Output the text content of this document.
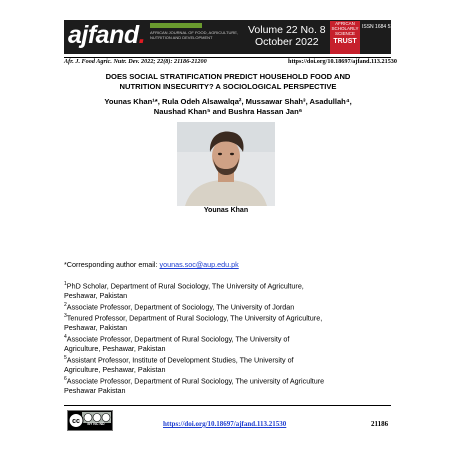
ajfand. AFRICAN JOURNAL OF FOOD, AGRICULTURE, NUTRITION AND DEVELOPMENT
Volume 22 No. 8
October 2022
AFRICAN
SCHOLARLY SCIENCE
TRUST
ISSN 1684 5374
Afr. J. Food Agric. Nutr. Dev. 2022; 22(8): 21186-21200	https://doi.org/10.18697/ajfand.113.21530
DOES SOCIAL STRATIFICATION PREDICT HOUSEHOLD FOOD AND
NUTRITION INSECURITY? A SOCIOLOGICAL PERSPECTIVE
Younas Khan¹*, Rula Odeh Alsawalqa², Mussawar Shah³, Asadullah⁴,
Naushad Khan⁵ and Bushra Hassan Jan⁶
Younas Khan
*Corresponding author email: younas.soc@aup.edu.pk
$^1$PhD Scholar, Department of Rural Sociology, The University of Agriculture,
Peshawar, Pakistan
$^2$Associate Professor, Department of Sociology, The University of Jordan
$^3$Tenured Professor, Department of Rural Sociology, The University of Agriculture,
Peshawar, Pakistan
$^4$Associate Professor, Department of Rural Sociology, The University of
Agriculture, Peshawar, Pakistan
$^5$Assistant Professor, Institute of Development Studies, The University of
Agriculture, Peshawar, Pakistan
$^6$Associate Professor, Department of Rural Sociology, The university of Agriculture
Peshawar Pakistan
cc	BY NC ND	https://doi.org/10.18697/ajfand.113.21530	21186
